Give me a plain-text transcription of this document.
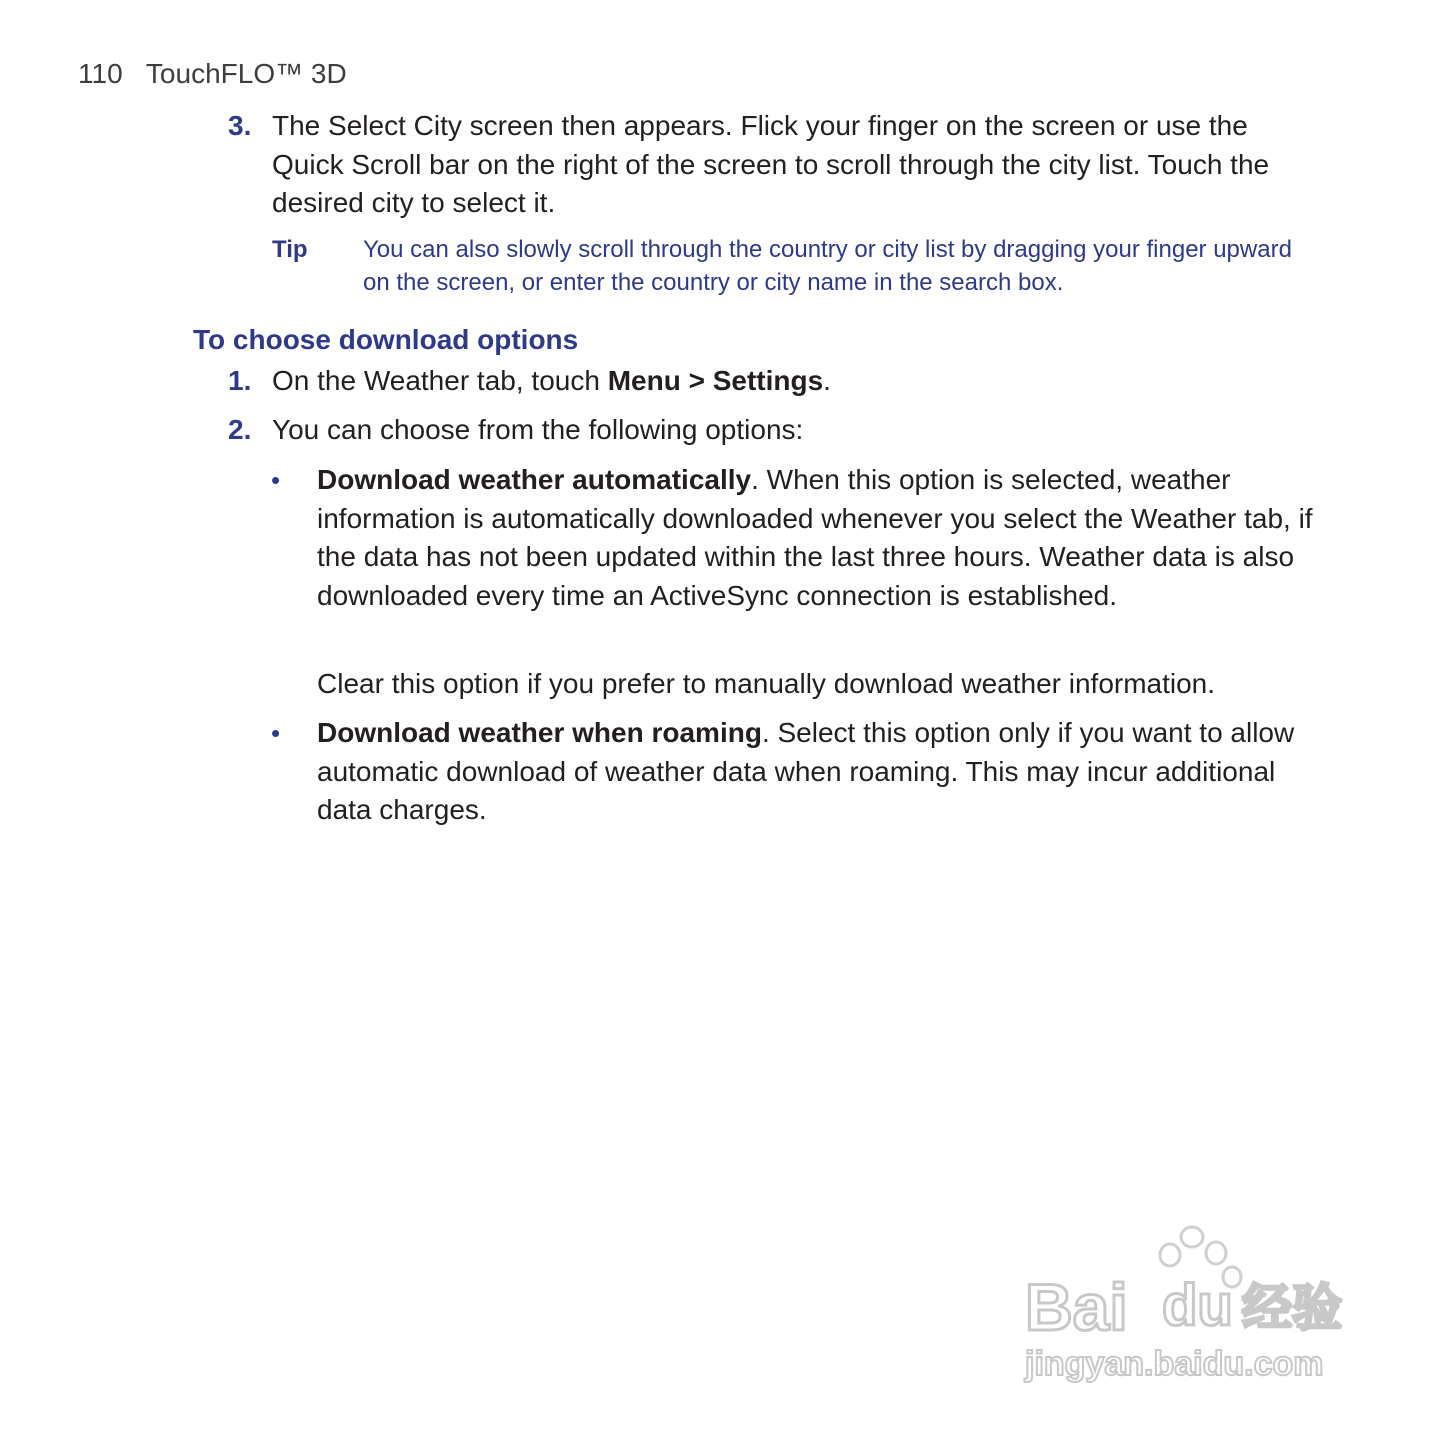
110 TouchFLO™ 3D
3. The Select City screen then appears. Flick your finger on the screen or use the Quick Scroll bar on the right of the screen to scroll through the city list. Touch the desired city to select it.
Tip You can also slowly scroll through the country or city list by dragging your finger upward on the screen, or enter the country or city name in the search box.
To choose download options
1. On the Weather tab, touch Menu > Settings.
2. You can choose from the following options:
• Download weather automatically. When this option is selected, weather information is automatically downloaded whenever you select the Weather tab, if the data has not been updated within the last three hours. Weather data is also downloaded every time an ActiveSync connection is established.
Clear this option if you prefer to manually download weather information.
• Download weather when roaming. Select this option only if you want to allow automatic download of weather data when roaming. This may incur additional data charges.
Bai du 经验
jingyan.baidu.com
